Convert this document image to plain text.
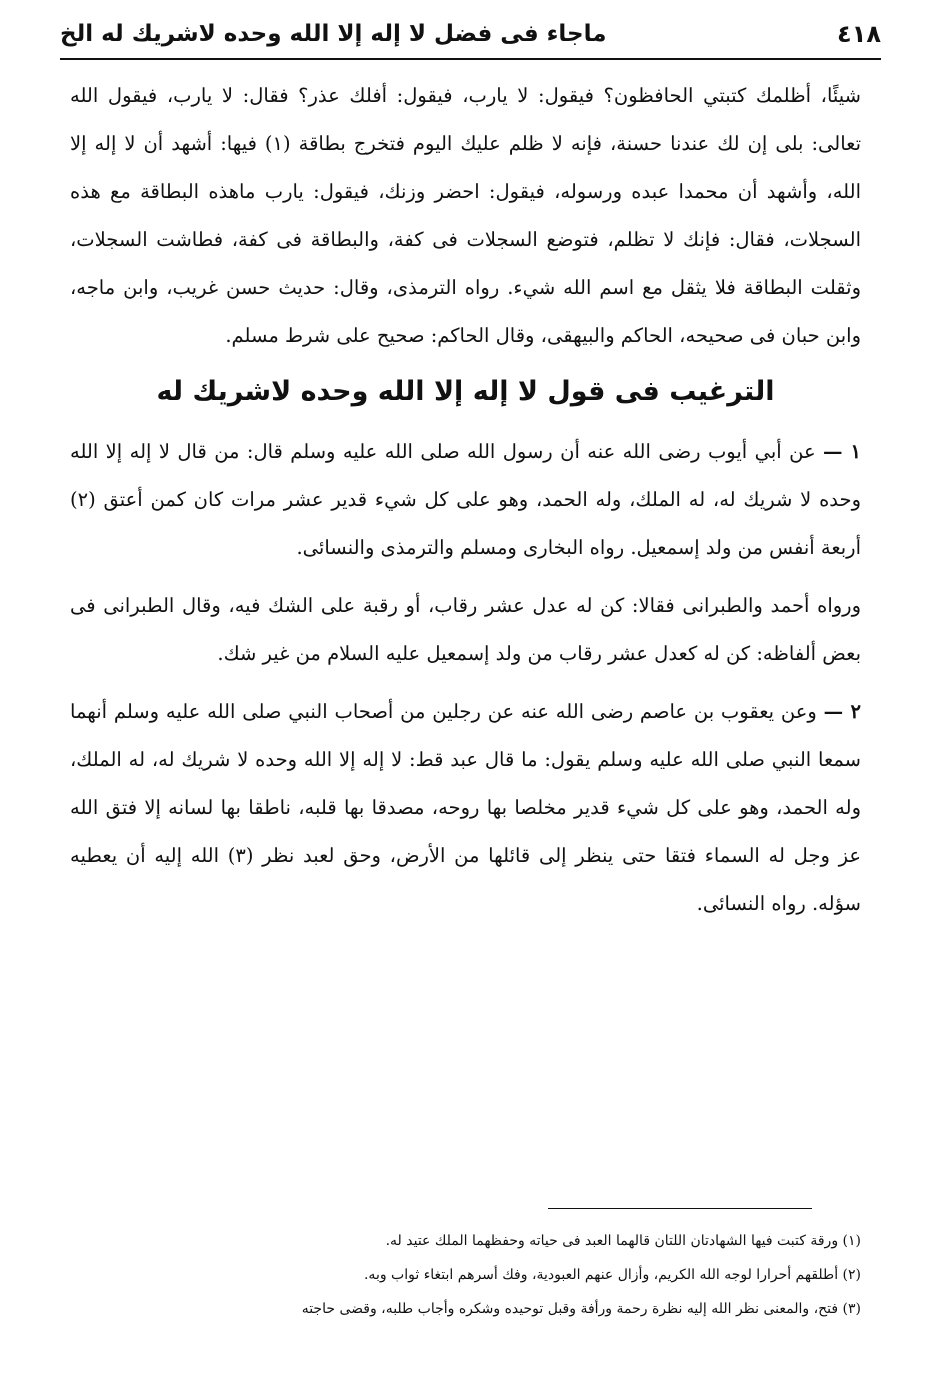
٤١٨
ماجاء فى فضل لا إله إلا الله وحده لاشريك له الخ

شيئًا، أظلمك كتبتي الحافظون؟ فيقول: لا يارب، فيقول: أفلك عذر؟ فقال: لا يارب، فيقول الله تعالى: بلى إن لك عندنا حسنة، فإنه لا ظلم عليك اليوم فتخرج بطاقة (١) فيها: أشهد أن لا إله إلا الله، وأشهد أن محمدا عبده ورسوله، فيقول: احضر وزنك، فيقول: يارب ماهذه البطاقة مع هذه السجلات، فقال: فإنك لا تظلم، فتوضع السجلات فى كفة، والبطاقة فى كفة، فطاشت السجلات، وثقلت البطاقة فلا يثقل مع اسم الله شيء. رواه الترمذى، وقال: حديث حسن غريب، وابن ماجه، وابن حبان فى صحيحه، الحاكم والبيهقى، وقال الحاكم: صحيح على شرط مسلم.

الترغيب فى قول لا إله إلا الله وحده لاشريك له

١ — عن أبي أيوب رضى الله عنه أن رسول الله صلى الله عليه وسلم قال: من قال لا إله إلا الله وحده لا شريك له، له الملك، وله الحمد، وهو على كل شيء قدير عشر مرات كان كمن أعتق (٢) أربعة أنفس من ولد إسمعيل. رواه البخارى ومسلم والترمذى والنسائى.

ورواه أحمد والطبرانى فقالا: كن له عدل عشر رقاب، أو رقبة على الشك فيه، وقال الطبرانى فى بعض ألفاظه: كن له كعدل عشر رقاب من ولد إسمعيل عليه السلام من غير شك.

٢ — وعن يعقوب بن عاصم رضى الله عنه عن رجلين من أصحاب النبي صلى الله عليه وسلم أنهما سمعا النبي صلى الله عليه وسلم يقول: ما قال عبد قط: لا إله إلا الله وحده لا شريك له، له الملك، وله الحمد، وهو على كل شيء قدير مخلصا بها روحه، مصدقا بها قلبه، ناطقا بها لسانه إلا فتق الله عز وجل له السماء فتقا حتى ينظر إلى قائلها من الأرض، وحق لعبد نظر (٣) الله إليه أن يعطيه سؤله. رواه النسائى.

(١) ورقة كتبت فيها الشهادتان اللتان قالهما العبد فى حياته وحفظهما الملك عتيد له.

(٢) أطلقهم أحرارا لوجه الله الكريم، وأزال عنهم العبودية، وفك أسرهم ابتغاء ثواب وبه.

(٣) فتح، والمعنى نظر الله إليه نظرة رحمة ورأفة وقبل توحيده وشكره وأجاب طلبه، وقضى حاجته
